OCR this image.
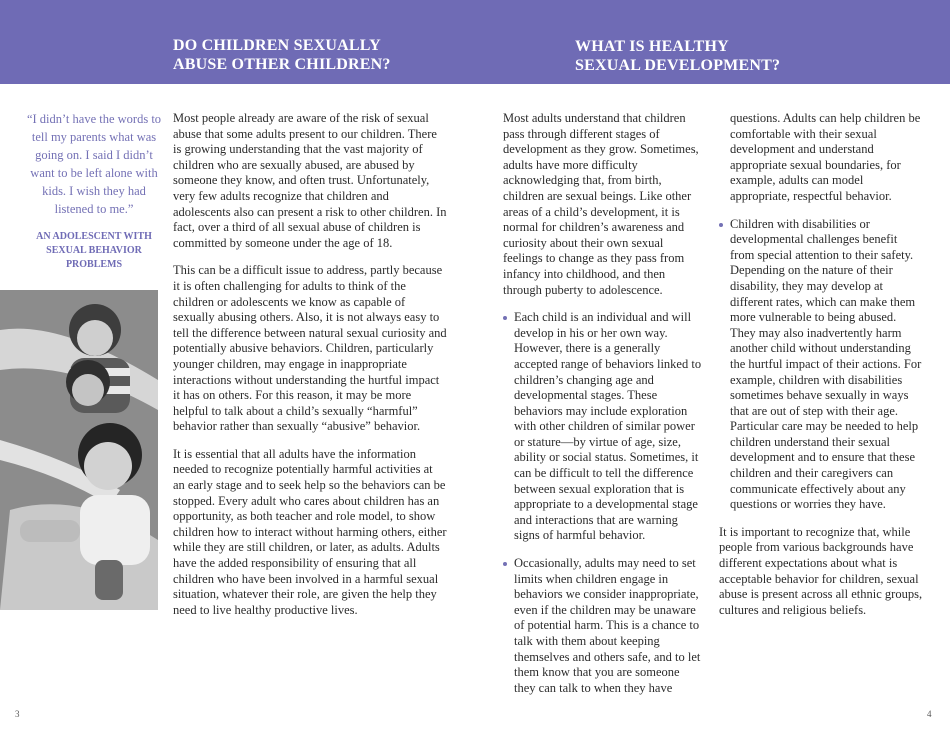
DO CHILDREN SEXUALLY
ABUSE OTHER CHILDREN?
WHAT IS HEALTHY
SEXUAL DEVELOPMENT?
“I didn’t have the words to tell my parents what was going on. I said I didn’t want to be left alone with kids. I wish they had listened to me.”
AN ADOLESCENT WITH SEXUAL BEHAVIOR PROBLEMS

Most people already are aware of the risk of sexual abuse that some adults present to our children. There is growing understanding that the vast majority of children who are sexually abused, are abused by someone they know, and often trust. Unfortunately, very few adults recognize that children and adolescents also can present a risk to other children. In fact, over a third of all sexual abuse of children is committed by someone under the age of 18.

This can be a difficult issue to address, partly because it is often challenging for adults to think of the children or adolescents we know as capable of sexually abusing others. Also, it is not always easy to tell the difference between natural sexual curiosity and potentially abusive behaviors. Children, particularly younger children, may engage in inappropriate interactions without understanding the hurtful impact it has on others. For this reason, it may be more helpful to talk about a child’s sexually “harmful” behavior rather than sexually “abusive” behavior.

It is essential that all adults have the information needed to recognize potentially harmful activities at an early stage and to seek help so the behaviors can be stopped. Every adult who cares about children has an opportunity, as both teacher and role model, to show children how to interact without harming others, either while they are still children, or later, as adults. Adults have the added responsibility of ensuring that all children who have been involved in a harmful sexual situation, whatever their role, are given the help they need to live healthy productive lives.

Most adults understand that children pass through different stages of development as they grow. Sometimes, adults have more difficulty acknowledging that, from birth, children are sexual beings. Like other areas of a child’s development, it is normal for children’s awareness and curiosity about their own sexual feelings to change as they pass from infancy into childhood, and then through puberty to adolescence.

Each child is an individual and will develop in his or her own way. However, there is a generally accepted range of behaviors linked to children’s changing age and developmental stages. These behaviors may include exploration with other children of similar power or stature—by virtue of age, size, ability or social status. Sometimes, it can be difficult to tell the difference between sexual exploration that is appropriate to a developmental stage and interactions that are warning signs of harmful behavior.
Occasionally, adults may need to set limits when children engage in behaviors we consider inappropriate, even if the children may be unaware of potential harm. This is a chance to talk with them about keeping themselves and others safe, and to let them know that you are someone they can talk to when they have

questions. Adults can help children be comfortable with their sexual development and understand appropriate sexual boundaries, for example, adults can model appropriate, respectful behavior.

Children with disabilities or developmental challenges benefit from special attention to their safety. Depending on the nature of their disability, they may develop at different rates, which can make them more vulnerable to being abused. They may also inadvertently harm another child without understanding the hurtful impact of their actions. For example, children with disabilities sometimes behave sexually in ways that are out of step with their age. Particular care may be needed to help children understand their sexual development and to ensure that these children and their caregivers can communicate effectively about any questions or worries they have.

It is important to recognize that, while people from various backgrounds have different expectations about what is acceptable behavior for children, sexual abuse is present across all ethnic groups, cultures and religious beliefs.

3	4
